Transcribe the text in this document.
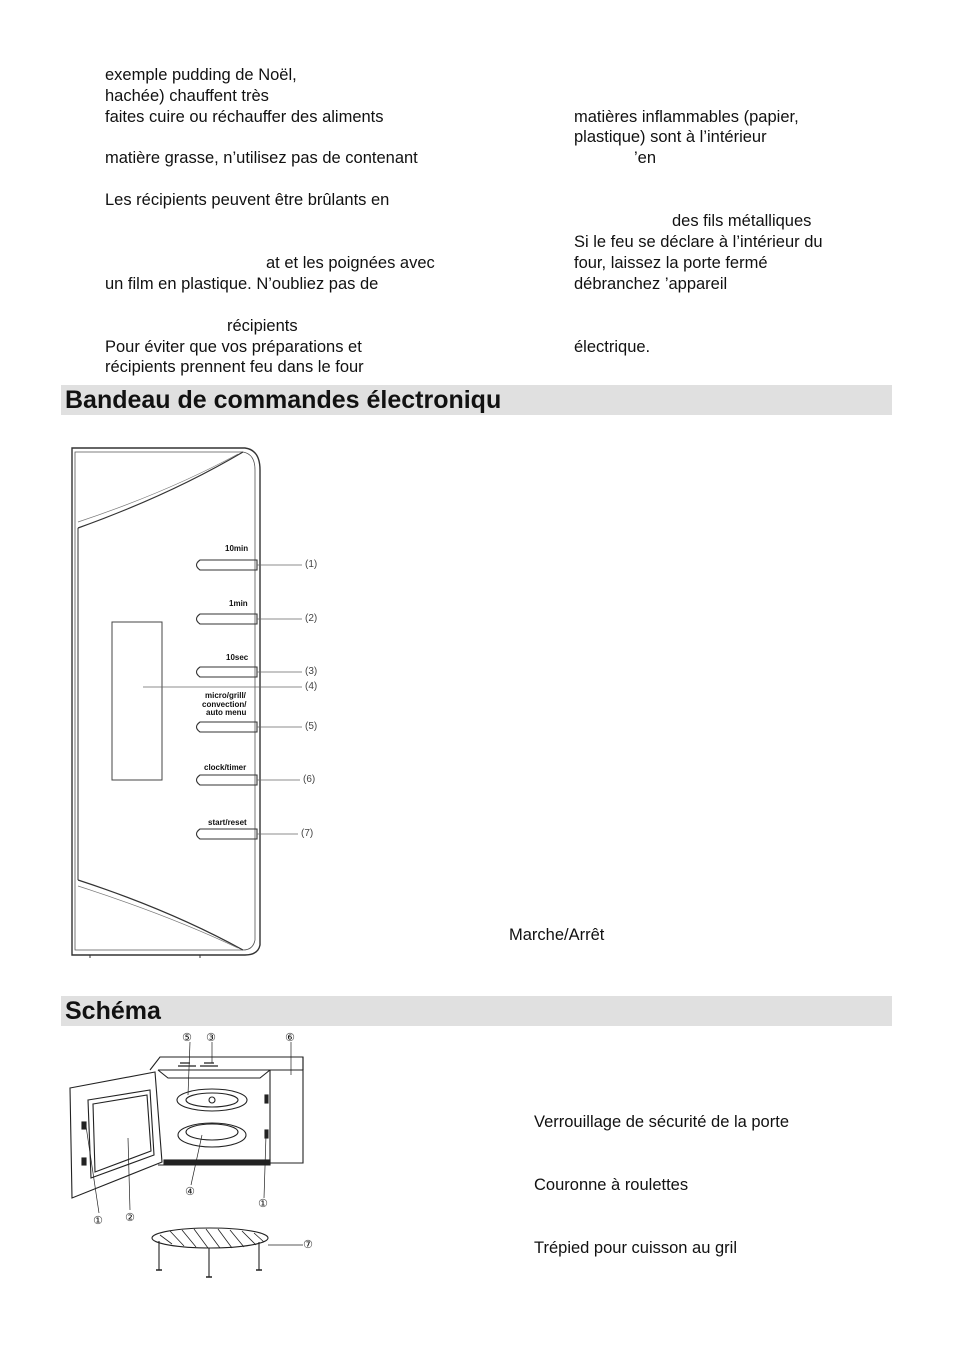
exemple pudding de Noël,
hachée) chauffent très
faites cuire ou réchauffer des aliments
matière grasse, n’utilisez pas de contenant
Les récipients peuvent être brûlants en
at et les poignées avec
un film en plastique. N’oubliez pas de
récipients
Pour éviter que vos préparations et
récipients prennent feu dans le four
matières inflammables (papier,
plastique) sont à l’intérieur
’en
des fils métalliques
Si le feu se déclare à l’intérieur du
four, laissez la porte fermé
débranchez ’appareil
électrique.
Bandeau de commandes électroniqu
10min
1min
10sec
micro/grill/
convection/
auto menu
clock/timer
start/reset
(1)
(2)
(3)
(4)
(5)
(6)
(7)
Marche/Arrêt
Schéma
⑤ ③	⑥
④
①
① ②
⑦
Verrouillage de sécurité de la porte
Couronne à roulettes
Trépied pour cuisson au gril
